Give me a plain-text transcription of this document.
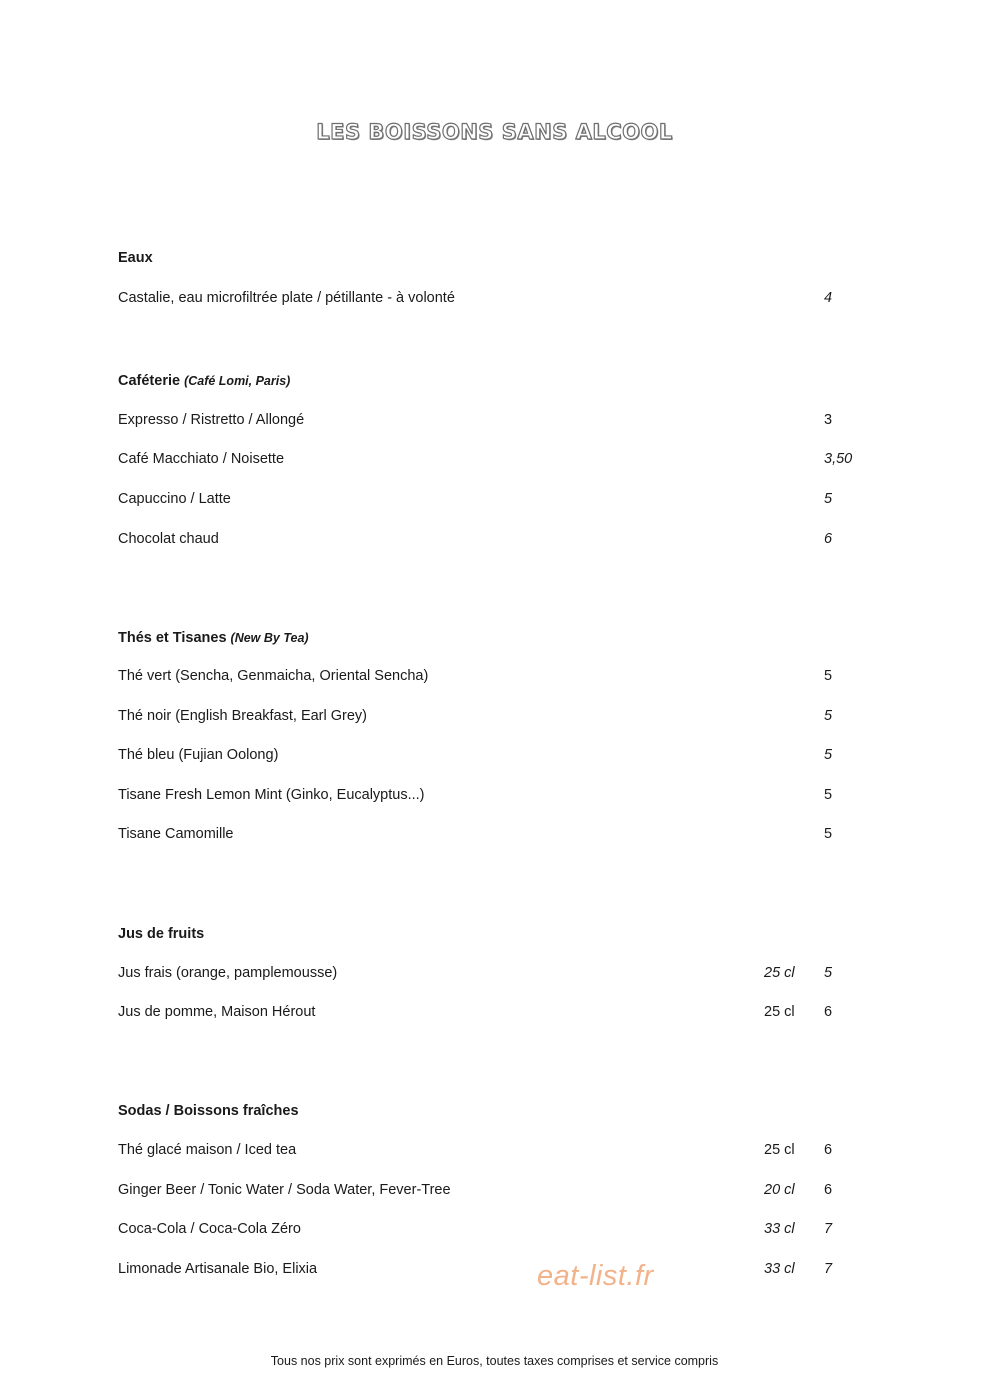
LES BOISSONS SANS ALCOOL
Eaux
Castalie, eau microfiltrée plate / pétillante - à volonté	4
Caféterie (Café Lomi, Paris)
Expresso / Ristretto / Allongé	3
Café Macchiato / Noisette	3,50
Capuccino / Latte	5
Chocolat chaud	6
Thés et Tisanes (New By Tea)
Thé vert (Sencha, Genmaicha, Oriental Sencha)	5
Thé noir (English Breakfast, Earl Grey)	5
Thé bleu (Fujian Oolong)	5
Tisane Fresh Lemon Mint (Ginko, Eucalyptus...)	5
Tisane Camomille	5
Jus de fruits
Jus frais (orange, pamplemousse)	25 cl 5
Jus de pomme, Maison Hérout	25 cl 6
Sodas / Boissons fraîches
Thé glacé maison / Iced tea	25 cl 6
Ginger Beer / Tonic Water / Soda Water, Fever-Tree	20 cl 6
Coca-Cola / Coca-Cola Zéro	33 cl 7
Limonade Artisanale Bio, Elixia	33 cl 7
eat-list.fr
Tous nos prix sont exprimés en Euros, toutes taxes comprises et service compris
